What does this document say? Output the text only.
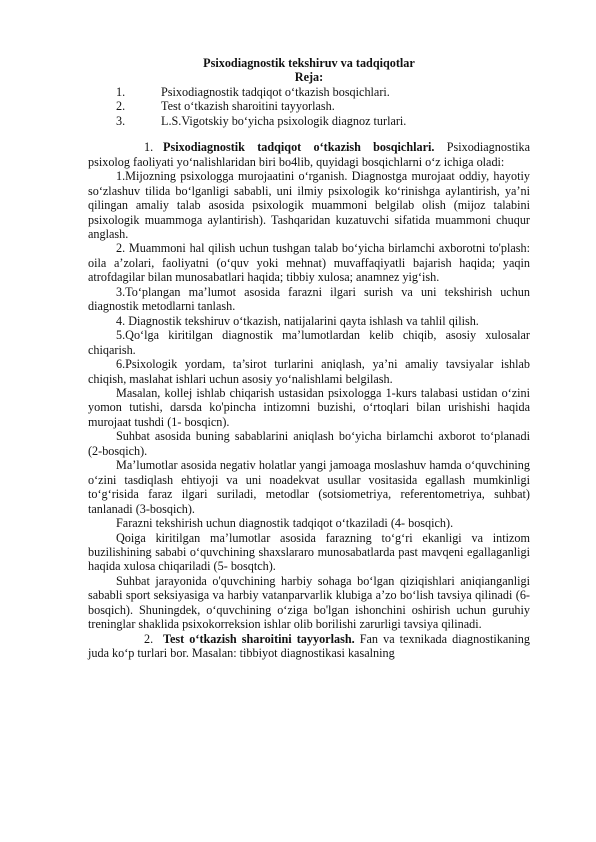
Psixodiagnostik tekshiruv va tadqiqotlar
Reja:
1.	Psixodiagnostik tadqiqot o‘tkazish bosqichlari.
2.	Test o‘tkazish sharoitini tayyorlash.
3.	L.S.Vigotskiy bo‘yicha psixologik diagnoz turlari.

1. Psixodiagnostik tadqiqot o‘tkazish bosqichlari. Psixodiagnostika psixolog faoliyati yo‘nalishlaridan biri bo4lib, quyidagi bosqichlarni o‘z ichiga oladi:

1.Mijozning psixologga murojaatini o‘rganish. Diagnostga murojaat oddiy, hayotiy so‘zlashuv tilida bo‘lganligi sababli, uni ilmiy psixologik ko‘rinishga aylantirish, ya’ni qilingan amaliy talab asosida psixologik muammoni belgilab olish (mijoz talabini psixologik muammoga aylantirish). Tashqaridan kuzatuvchi sifatida muammoni chuqur anglash.

2. Muammoni hal qilish uchun tushgan talab bo‘yicha birlamchi axborotni to'plash: oila a’zolari, faoliyatni (o‘quv yoki mehnat) muvaffaqiyatli bajarish haqida; yaqin atrofdagilar bilan munosabatlari haqida; tibbiy xulosa; anamnez yig‘ish.

3.To‘plangan ma’lumot asosida farazni ilgari surish va uni tekshirish uchun diagnostik metodlarni tanlash.

4. Diagnostik tekshiruv o‘tkazish, natijalarini qayta ishlash va tahlil qilish.

5.Qo‘lga kiritilgan diagnostik ma’lumotlardan kelib chiqib, asosiy xulosalar chiqarish.

6.Psixologik yordam, ta’sirot turlarini aniqlash, ya’ni amaliy tavsiyalar ishlab chiqish, maslahat ishlari uchun asosiy yo‘nalishlami belgilash.

Masalan, kollej ishlab chiqarish ustasidan psixologga 1-kurs talabasi ustidan o‘zini yomon tutishi, darsda ko'pincha intizomni buzishi, o‘rtoqlari bilan urishishi haqida murojaat tushdi (1- bosqicn).

Suhbat asosida buning sabablarini aniqlash bo‘yicha birlamchi axborot to‘planadi (2-bosqich).

Ma’lumotlar asosida negativ holatlar yangi jamoaga moslashuv hamda o‘quvchining o‘zini tasdiqlash ehtiyoji va uni noadekvat usullar vositasida egallash mumkinligi to‘g‘risida faraz ilgari suriladi, metodlar (sotsiometriya, referentometriya, suhbat) tanlanadi (3-bosqich).

Farazni tekshirish uchun diagnostik tadqiqot o‘tkaziladi (4- bosqich).

Qoiga kiritilgan ma’lumotlar asosida farazning to‘g‘ri ekanligi va intizom buzilishining sababi o‘quvchining shaxslararo munosabatlarda past mavqeni egallaganligi haqida xulosa chiqariladi (5- bosqtch).

Suhbat jarayonida o'quvchining harbiy sohaga bo‘lgan qiziqishlari aniqianganligi sababli sport seksiyasiga va harbiy vatanparvarlik klubiga a’zo bo‘lish tavsiya qilinadi (6-bosqich). Shuningdek, o‘quvchining o‘ziga bo'lgan ishonchini oshirish uchun guruhiy treninglar shaklida psixokorreksion ishlar olib borilishi zarurligi tavsiya qilinadi.

2. Test o‘tkazish sharoitini tayyorlash. Fan va texnikada diagnostikaning juda ko‘p turlari bor. Masalan: tibbiyot diagnostikasi kasalning
